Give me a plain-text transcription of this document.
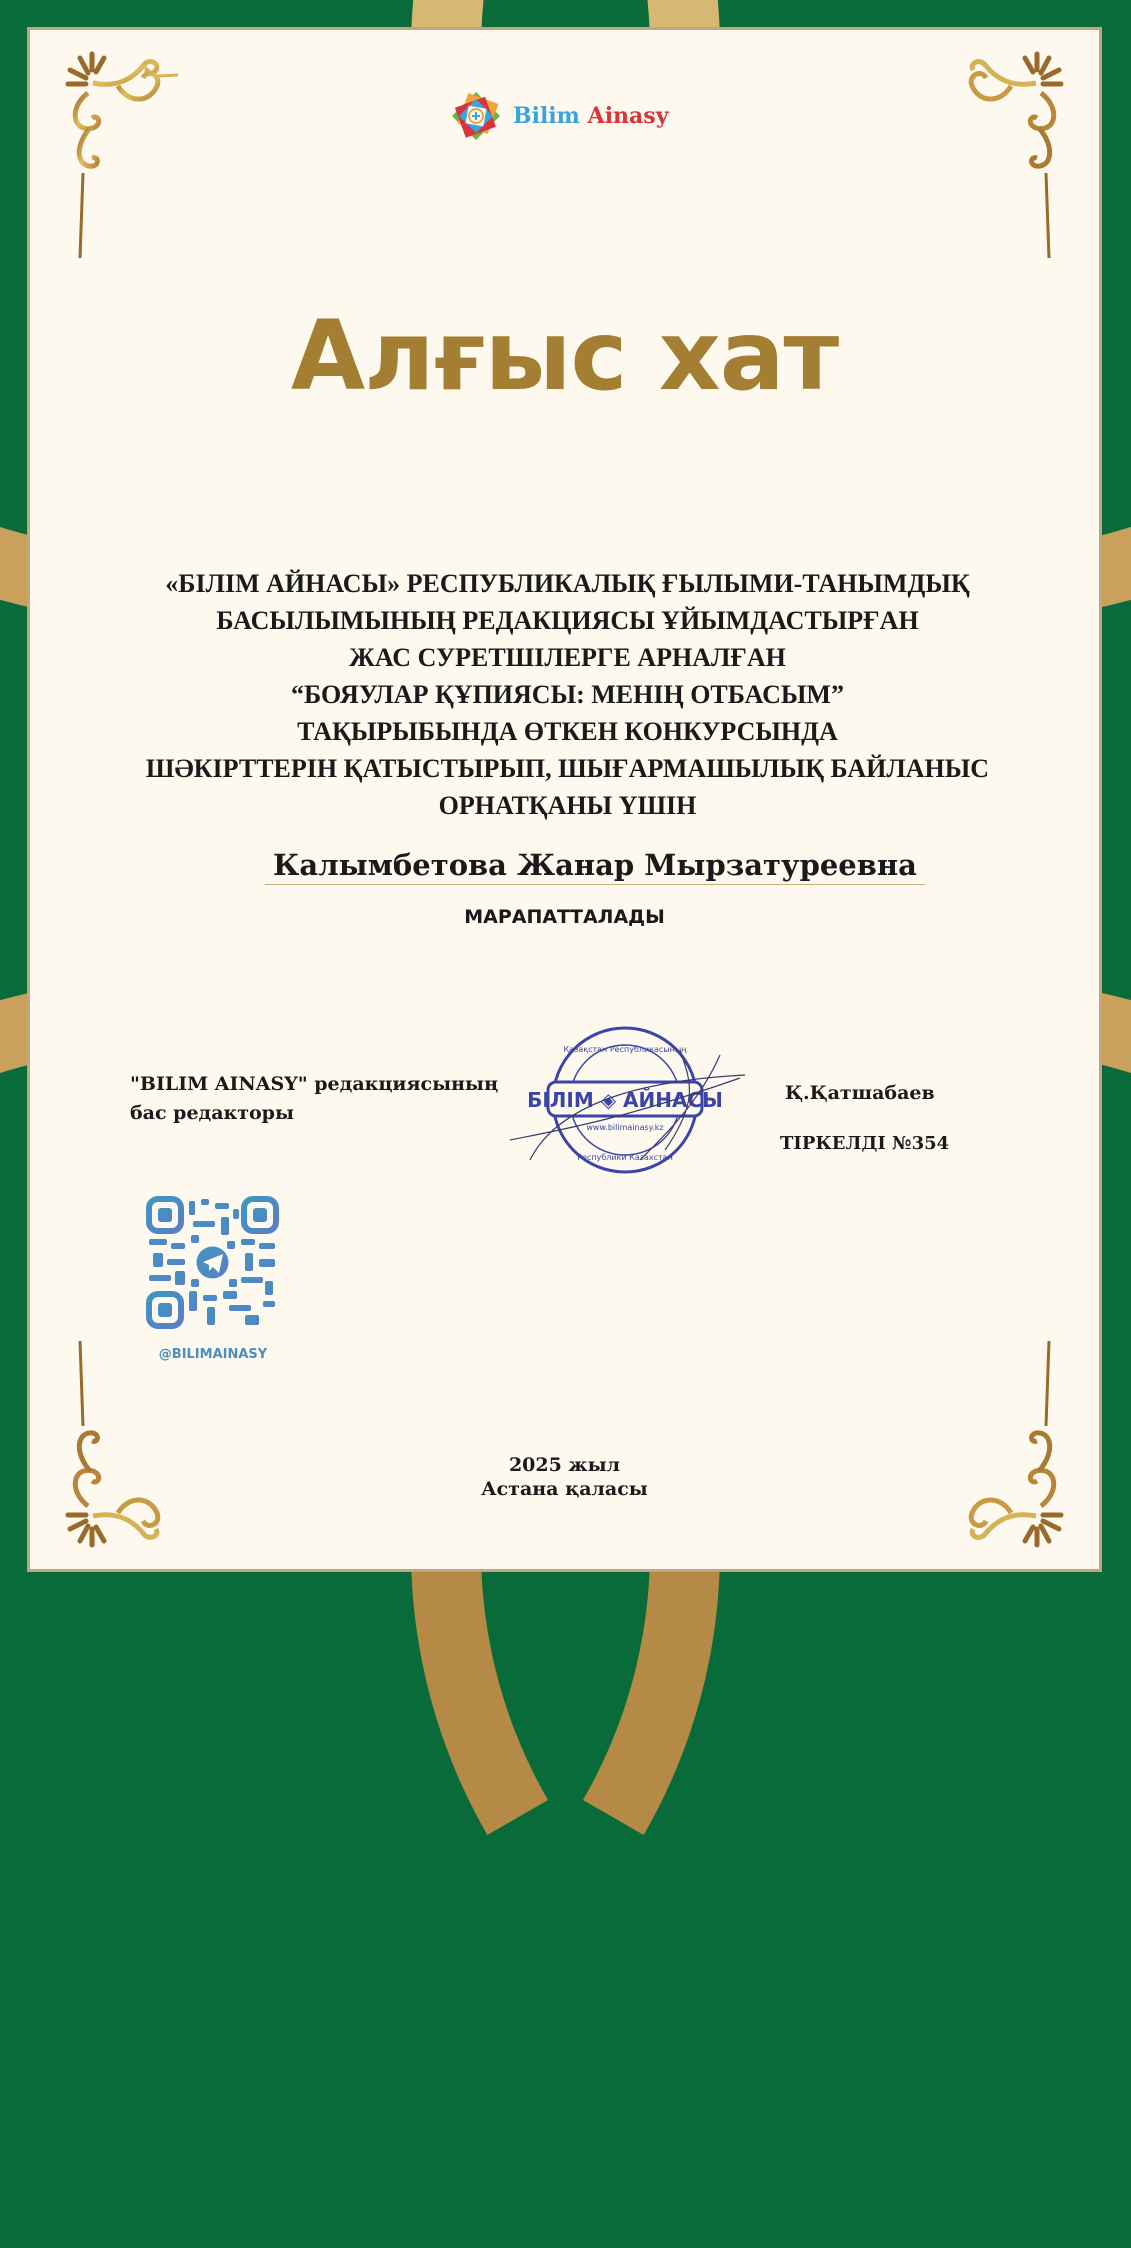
Bilim Ainasy
Алғыс хат
«БІЛІМ АЙНАСЫ» РЕСПУБЛИКАЛЫҚ ҒЫЛЫМИ-ТАНЫМДЫҚ
БАСЫЛЫМЫНЫҢ РЕДАКЦИЯСЫ ҰЙЫМДАСТЫРҒАН
ЖАС СУРЕТШІЛЕРГЕ АРНАЛҒАН
“БОЯУЛАР ҚҰПИЯСЫ: МЕНІҢ ОТБАСЫМ”
ТАҚЫРЫБЫНДА ӨТКЕН КОНКУРСЫНДА
ШӘКІРТТЕРІН ҚАТЫСТЫРЫП, ШЫҒАРМАШЫЛЫҚ БАЙЛАНЫС
ОРНАТҚАНЫ ҮШІН
Калымбетова Жанар Мырзатуреевна
МАРАПАТТАЛАДЫ
"BILIM AINASY" редакциясының
бас редакторы
БІЛІМ ◈ АЙНАСЫ
www.bilimainasy.kz
Қазақстан Республикасының
Республики Казахстан
Қ.Қатшабаев
ТІРКЕЛДІ №354
@BILIMAINASY
2025 жыл
Астана қаласы
